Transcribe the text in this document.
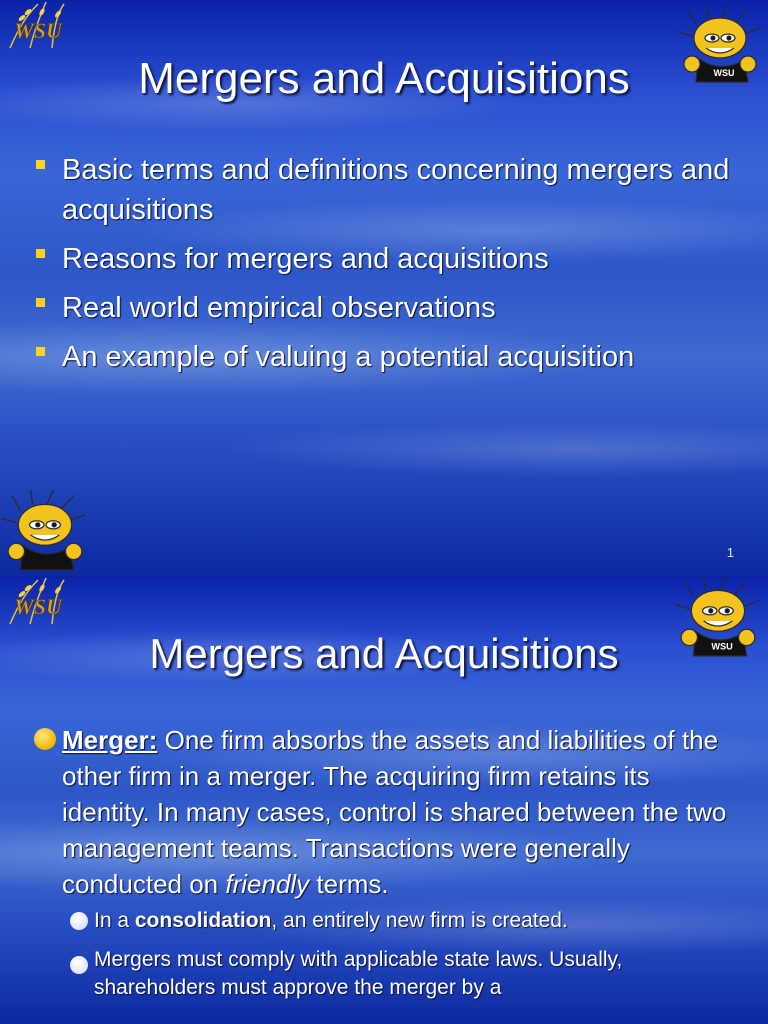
WSU
WSU
Mergers and Acquisitions
Basic terms and definitions concerning mergers and acquisitions
Reasons for mergers and acquisitions
Real world empirical observations
An example of valuing a potential acquisition
1
WSU
WSU
Mergers and Acquisitions

Merger: One firm absorbs the assets and liabilities of the other firm in a merger. The acquiring firm retains its identity. In many cases, control is shared between the two management teams. Transactions were generally conducted on friendly terms.

In a consolidation, an entirely new firm is created.

Mergers must comply with applicable state laws. Usually, shareholders must approve the merger by a
